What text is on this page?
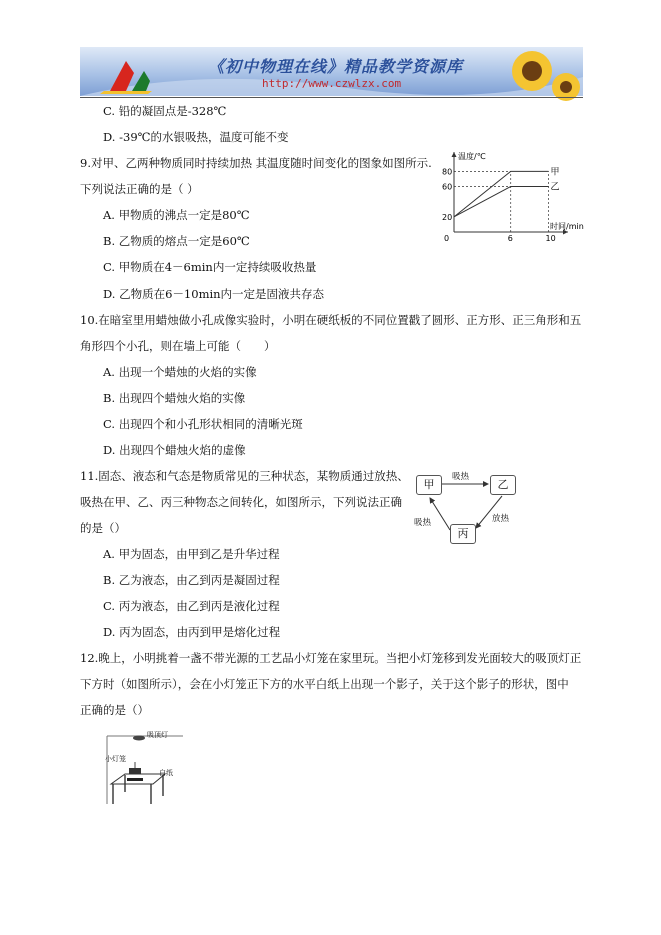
《初中物理在线》精品教学资源库
http://www.czwlzx.com
C. 铅的凝固点是-328℃
D. -39℃的水银吸热，温度可能不变
9.对甲、乙两种物质同时持续加热 其温度随时间变化的图象如图所示.
下列说法正确的是（ ）
A. 甲物质的沸点一定是80℃
B. 乙物质的熔点一定是60℃
C. 甲物质在4－6min内一定持续吸收热量
D. 乙物质在6－10min内一定是固液共存态
10.在暗室里用蜡烛做小孔成像实验时，小明在硬纸板的不同位置戳了圆形、正方形、正三角形和五
角形四个小孔，则在墙上可能（　　）
A. 出现一个蜡烛的火焰的实像
B. 出现四个蜡烛火焰的实像
C. 出现四个和小孔形状相同的清晰光斑
D. 出现四个蜡烛火焰的虚像
11.固态、液态和气态是物质常见的三种状态，某物质通过放热、
吸热在甲、乙、丙三种物态之间转化，如图所示，下列说法正确
的是（）
A. 甲为固态，由甲到乙是升华过程
B. 乙为液态，由乙到丙是凝固过程
C. 丙为液态，由乙到丙是液化过程
D. 丙为固态，由丙到甲是熔化过程
12.晚上，小明挑着一盏不带光源的工艺品小灯笼在家里玩。当把小灯笼移到发光面较大的吸顶灯正
下方时（如图所示），会在小灯笼正下方的水平白纸上出现一个影子，关于这个影子的形状，图中
正确的是（）
温度/℃
时间/min
0
20
60
80
6	10
甲
乙
甲	乙
丙
吸热
放热
吸热
吸顶灯
小灯笼
白纸
